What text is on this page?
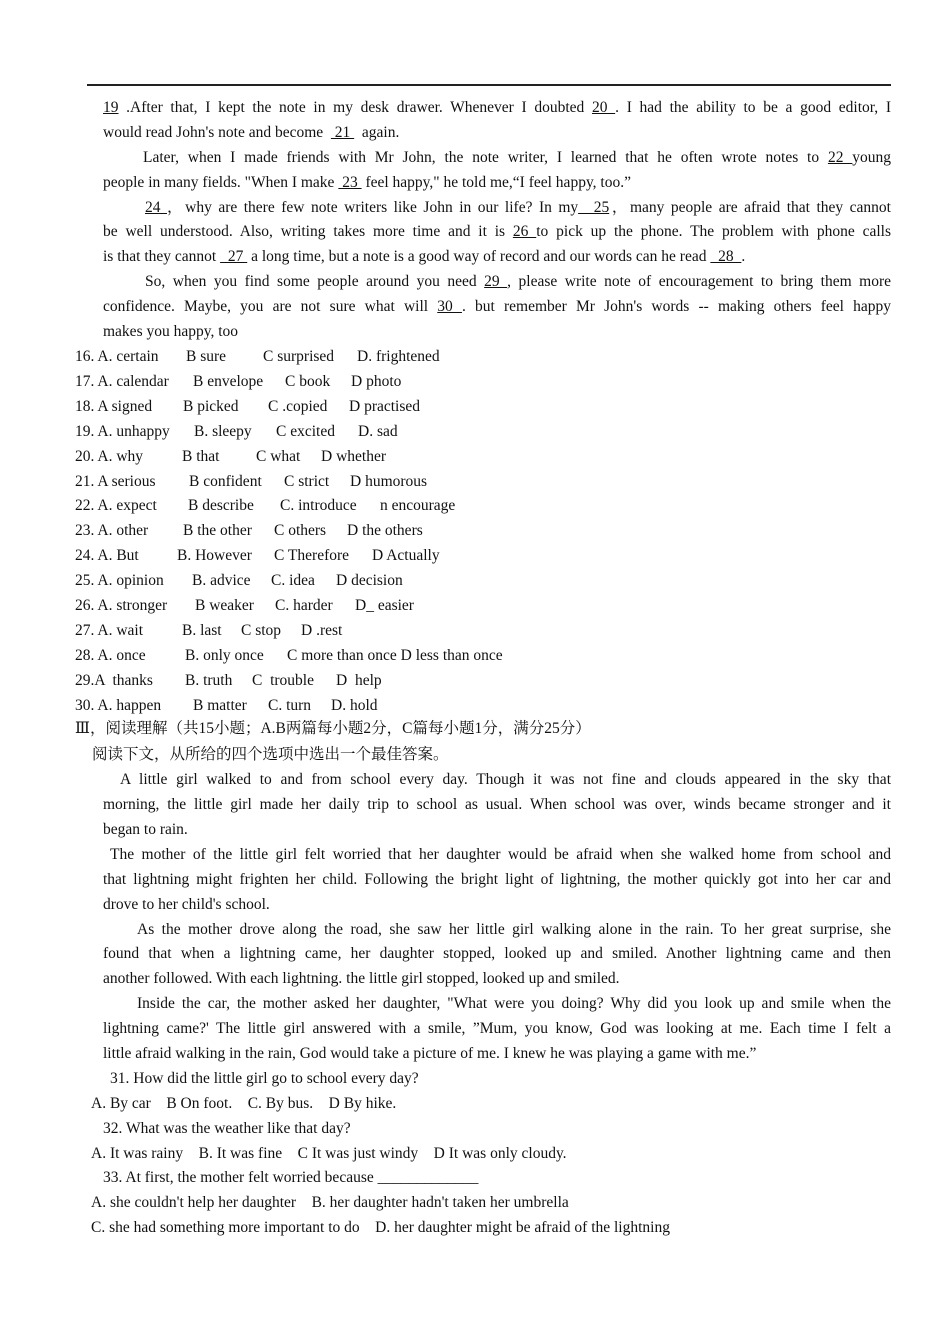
19 .After that, I kept the note in my desk drawer. Whenever I doubted 20 . I had the ability to be a good editor, I
would read John's note and become   21   again.
Later, when I made friends with Mr John, the note writer, I learned that he often wrote notes to 22 young
people in many fields. "When I make  23  feel happy," he told me,“I feel happy, too.”
24 ，why are there few note writers like John in our life? In my__25，many people are afraid that they cannot
be well understood. Also, writing takes more time and it is 26 to pick up the phone. The problem with phone calls
is that they cannot   27  a long time, but a note is a good way of record and our words can he read   28  .
So, when you find some people around you need 29 , please write note of encouragement to bring them more
confidence. Maybe, you are not sure what will 30 . but remember Mr John's words -- making others feel happy
makes you happy, too
16. A. certain B sure C surprised D. frightened
17. A. calendar B envelope C book D photo
18. A signed B picked C .copied D practised
19. A. unhappy B. sleepy C excited D. sad
20. A. why	B that C what D whether
21. A serious B confident C strict D humorous
22. A. expect B describe C. introduce n encourage
23. A. other B the other C others D the others
24. A. But B. However C Therefore D Actually
25. A. opinion B. advice C. idea D decision
26. A. stronger B weaker C. harder D_ easier
27. A. wait	B. last C stop D .rest
28. A. once	B. only once C more than once D less than once
29.A  thanks B. truth C  trouble D  help
30. A. happen B matter C. turn D. hold
Ⅲ，阅读理解（共15小题；A.B两篇每小题2分，C篇每小题1分，满分25分）
阅读下文，从所给的四个选项中选出一个最佳答案。
A little girl walked to and from school every day. Though it was not fine and clouds appeared in the sky that
morning, the little girl made her daily trip to school as usual. When school was over, winds became stronger and it
began to rain.
The mother of the little girl felt worried that her daughter would be afraid when she walked home from school and
that lightning might frighten her child. Following the bright light of lightning, the mother quickly got into her car and
drove to her child's school.
As the mother drove along the road, she saw her little girl walking alone in the rain. To her great surprise, she
found that when a lightning came, her daughter stopped, looked up and smiled. Another lightning came and then
another followed. With each lightning. the little girl stopped, looked up and smiled.
Inside the car, the mother asked her daughter, "What were you doing? Why did you look up and smile when the
lightning came?' The little girl answered with a smile, ”Mum, you know, God was looking at me. Each time I felt a
little afraid walking in the rain, God would take a picture of me. I knew he was playing a game with me.”
31. How did the little girl go to school every day?
A. By car    B On foot.    C. By bus.    D By hike.
32. What was the weather like that day?
A. It was rainy    B. It was fine    C It was just windy    D It was only cloudy.
33. At first, the mother felt worried because _____________
A. she couldn't help her daughter    B. her daughter hadn't taken her umbrella
C. she had something more important to do    D. her daughter might be afraid of the lightning
